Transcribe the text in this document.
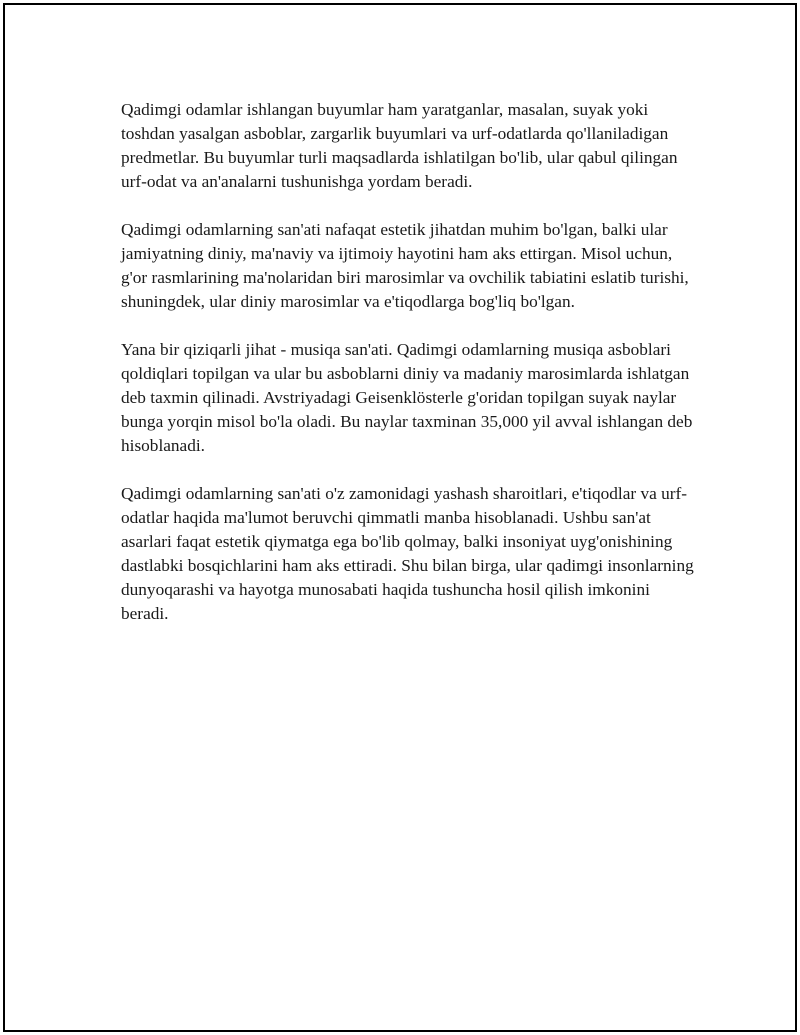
Qadimgi odamlar ishlangan buyumlar ham yaratganlar, masalan, suyak yoki toshdan yasalgan asboblar, zargarlik buyumlari va urf-odatlarda qo'llaniladigan predmetlar. Bu buyumlar turli maqsadlarda ishlatilgan bo'lib, ular qabul qilingan urf-odat va an'analarni tushunishga yordam beradi.

Qadimgi odamlarning san'ati nafaqat estetik jihatdan muhim bo'lgan, balki ular jamiyatning diniy, ma'naviy va ijtimoiy hayotini ham aks ettirgan. Misol uchun, g'or rasmlarining ma'nolaridan biri marosimlar va ovchilik tabiatini eslatib turishi, shuningdek, ular diniy marosimlar va e'tiqodlarga bog'liq bo'lgan.

Yana bir qiziqarli jihat - musiqa san'ati. Qadimgi odamlarning musiqa asboblari qoldiqlari topilgan va ular bu asboblarni diniy va madaniy marosimlarda ishlatgan deb taxmin qilinadi. Avstriyadagi Geisenklösterle g'oridan topilgan suyak naylar bunga yorqin misol bo'la oladi. Bu naylar taxminan 35,000 yil avval ishlangan deb hisoblanadi.

Qadimgi odamlarning san'ati o'z zamonidagi yashash sharoitlari, e'tiqodlar va urf-odatlar haqida ma'lumot beruvchi qimmatli manba hisoblanadi. Ushbu san'at asarlari faqat estetik qiymatga ega bo'lib qolmay, balki insoniyat uyg'onishining dastlabki bosqichlarini ham aks ettiradi. Shu bilan birga, ular qadimgi insonlarning dunyoqarashi va hayotga munosabati haqida tushuncha hosil qilish imkonini beradi.
